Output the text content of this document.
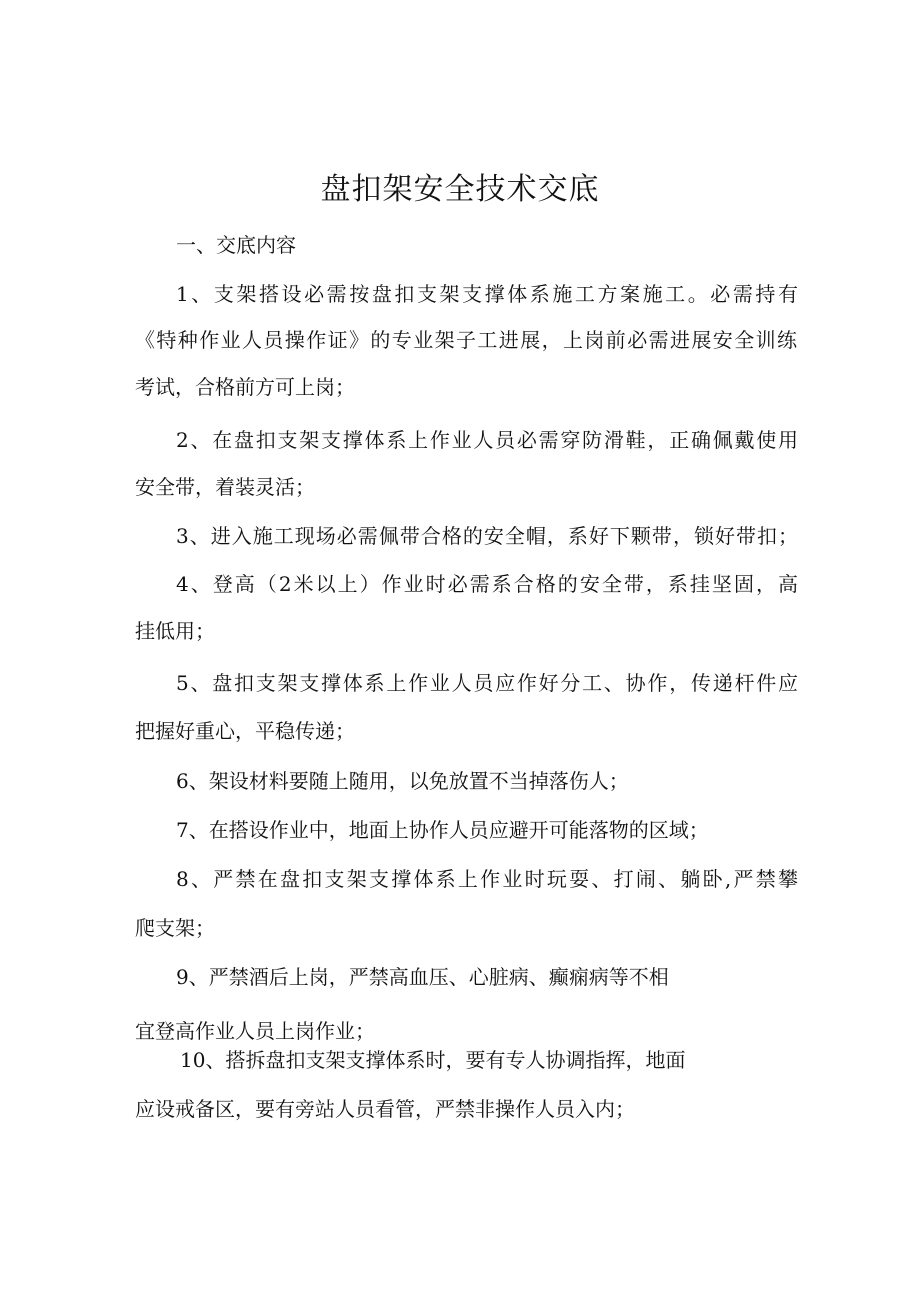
盘扣架安全技术交底
一、交底内容
1、支架搭设必需按盘扣支架支撑体系施工方案施工。必需持有
《特种作业人员操作证》的专业架子工进展，上岗前必需进展安全训练
考试，合格前方可上岗；
2、在盘扣支架支撑体系上作业人员必需穿防滑鞋，正确佩戴使用
安全带，着装灵活；
3、进入施工现场必需佩带合格的安全帽，系好下颗带，锁好带扣；
4、登高（2米以上）作业时必需系合格的安全带，系挂坚固，高
挂低用；
5、盘扣支架支撑体系上作业人员应作好分工、协作，传递杆件应
把握好重心，平稳传递；
6、架设材料要随上随用，以免放置不当掉落伤人；
7、在搭设作业中，地面上协作人员应避开可能落物的区域；
8、严禁在盘扣支架支撑体系上作业时玩耍、打闹、躺卧,严禁攀
爬支架；
9、严禁酒后上岗，严禁高血压、心脏病、癫痫病等不相
宜登高作业人员上岗作业；
10、搭拆盘扣支架支撑体系时，要有专人协调指挥，地面
应设戒备区，要有旁站人员看管，严禁非操作人员入内；
